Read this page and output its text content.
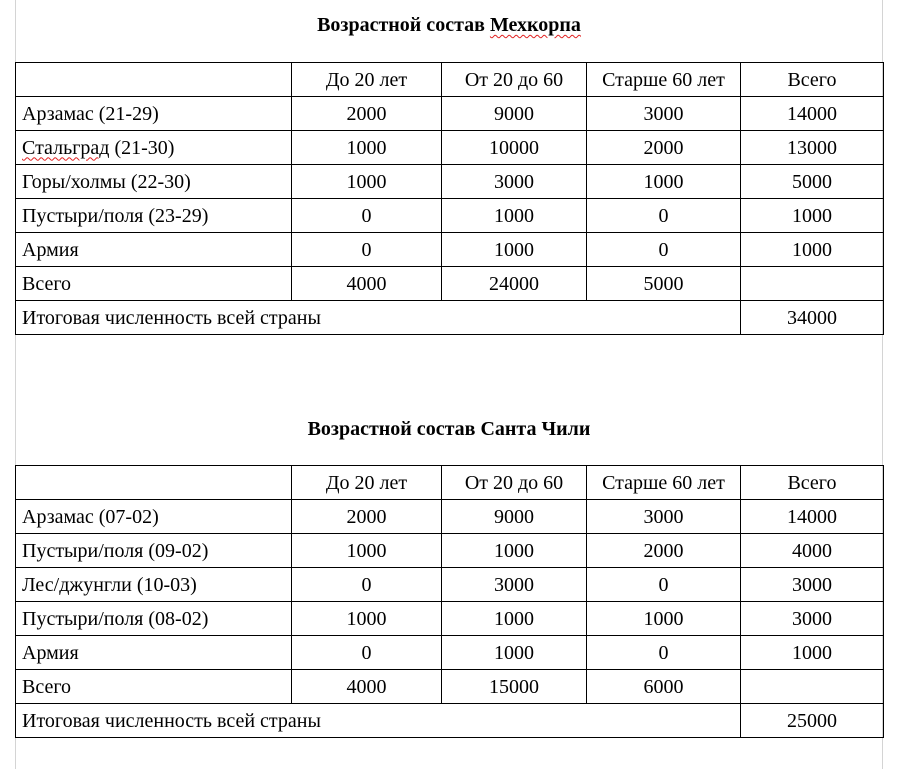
Возрастной состав Мехкорпа

	До 20 лет	От 20 до 60	Старше 60 лет	Всего
Арзамас (21-29)	2000	9000	3000	14000
Стальград (21-30)	1000	10000	2000	13000
Горы/холмы (22-30)	1000	3000	1000	5000
Пустыри/поля (23-29)	0	1000	0	1000
Армия	0	1000	0	1000
Всего	4000	24000	5000	
Итоговая численность всей страны				34000

Возрастной состав Санта Чили

	До 20 лет	От 20 до 60	Старше 60 лет	Всего
Арзамас (07-02)	2000	9000	3000	14000
Пустыри/поля (09-02)	1000	1000	2000	4000
Лес/джунгли (10-03)	0	3000	0	3000
Пустыри/поля (08-02)	1000	1000	1000	3000
Армия	0	1000	0	1000
Всего	4000	15000	6000	
Итоговая численность всей страны				25000
